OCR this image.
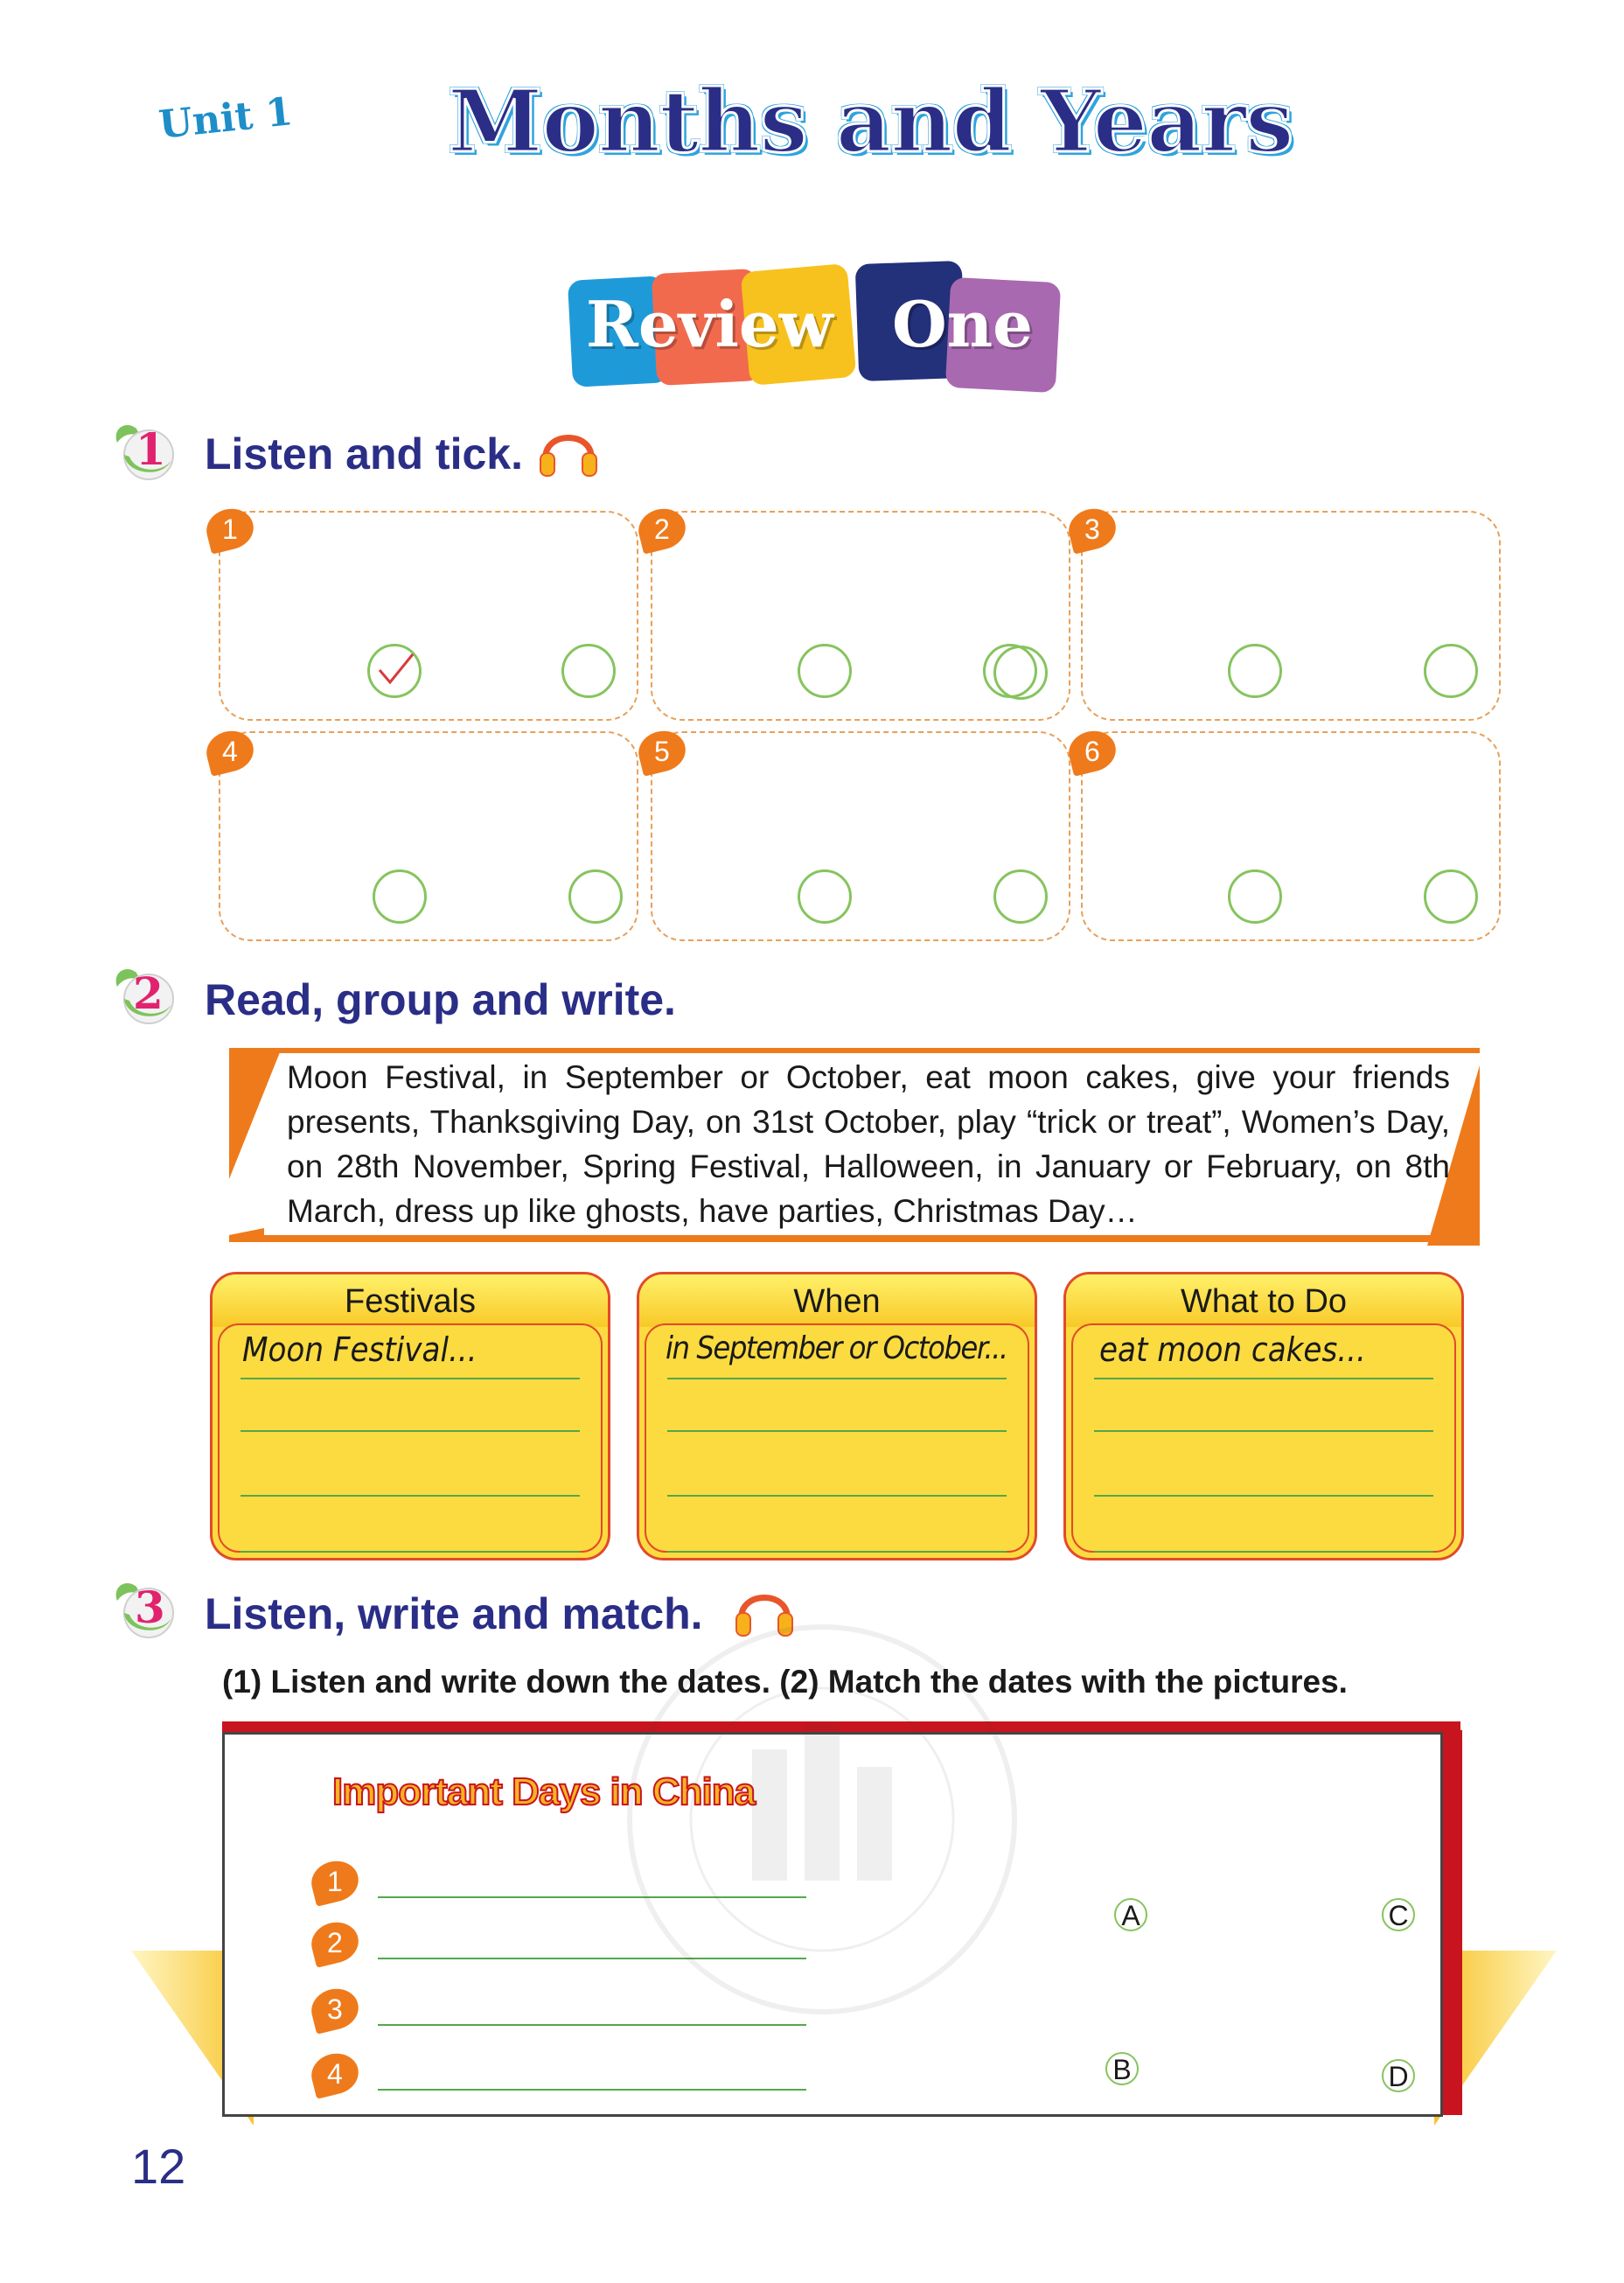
Unit 1 Months and Years
Review One
1 Listen and tick.
1	2	3
4	5	6
2 Read, group and write.
Moon Festival, in September or October, eat moon cakes, give your friends presents, Thanksgiving Day, on 31st October, play “trick or treat”, Women’s Day, on 28th November, Spring Festival, Halloween, in January or February, on 8th March, dress up like ghosts, have parties, Christmas Day…
Festivals
Moon Festival...
When
in September or October...
What to Do
eat moon cakes...
3 Listen, write and match.
(1) Listen and write down the dates. (2) Match the dates with the pictures.
Important Days in China
1
2
3
4
A
B
C
D
12
